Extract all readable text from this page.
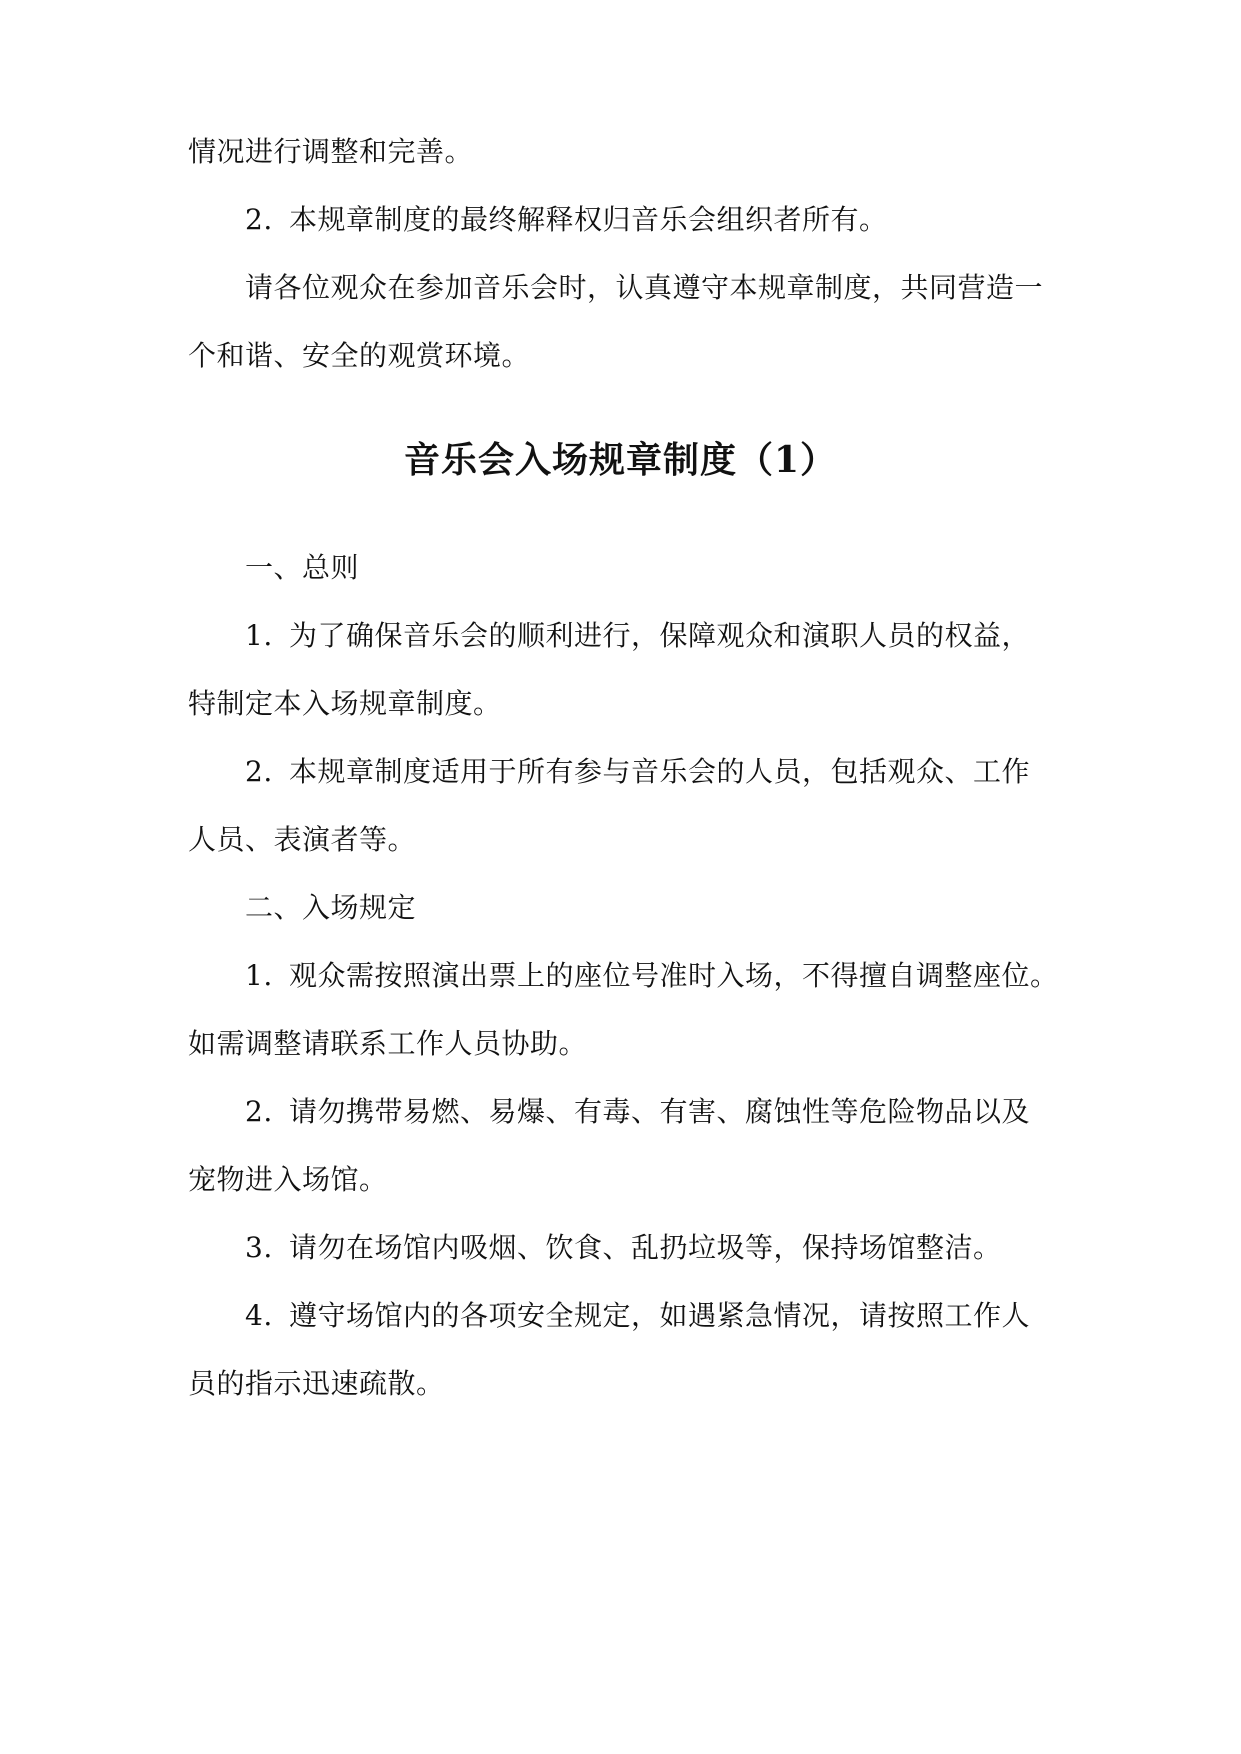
情况进行调整和完善。
2. 本规章制度的最终解释权归音乐会组织者所有。
请各位观众在参加音乐会时，认真遵守本规章制度，共同营造一
个和谐、安全的观赏环境。
音乐会入场规章制度（1）
一、总则
1. 为了确保音乐会的顺利进行，保障观众和演职人员的权益，
特制定本入场规章制度。
2. 本规章制度适用于所有参与音乐会的人员，包括观众、工作
人员、表演者等。
二、入场规定
1. 观众需按照演出票上的座位号准时入场，不得擅自调整座位。
如需调整请联系工作人员协助。
2. 请勿携带易燃、易爆、有毒、有害、腐蚀性等危险物品以及
宠物进入场馆。
3. 请勿在场馆内吸烟、饮食、乱扔垃圾等，保持场馆整洁。
4. 遵守场馆内的各项安全规定，如遇紧急情况，请按照工作人
员的指示迅速疏散。
